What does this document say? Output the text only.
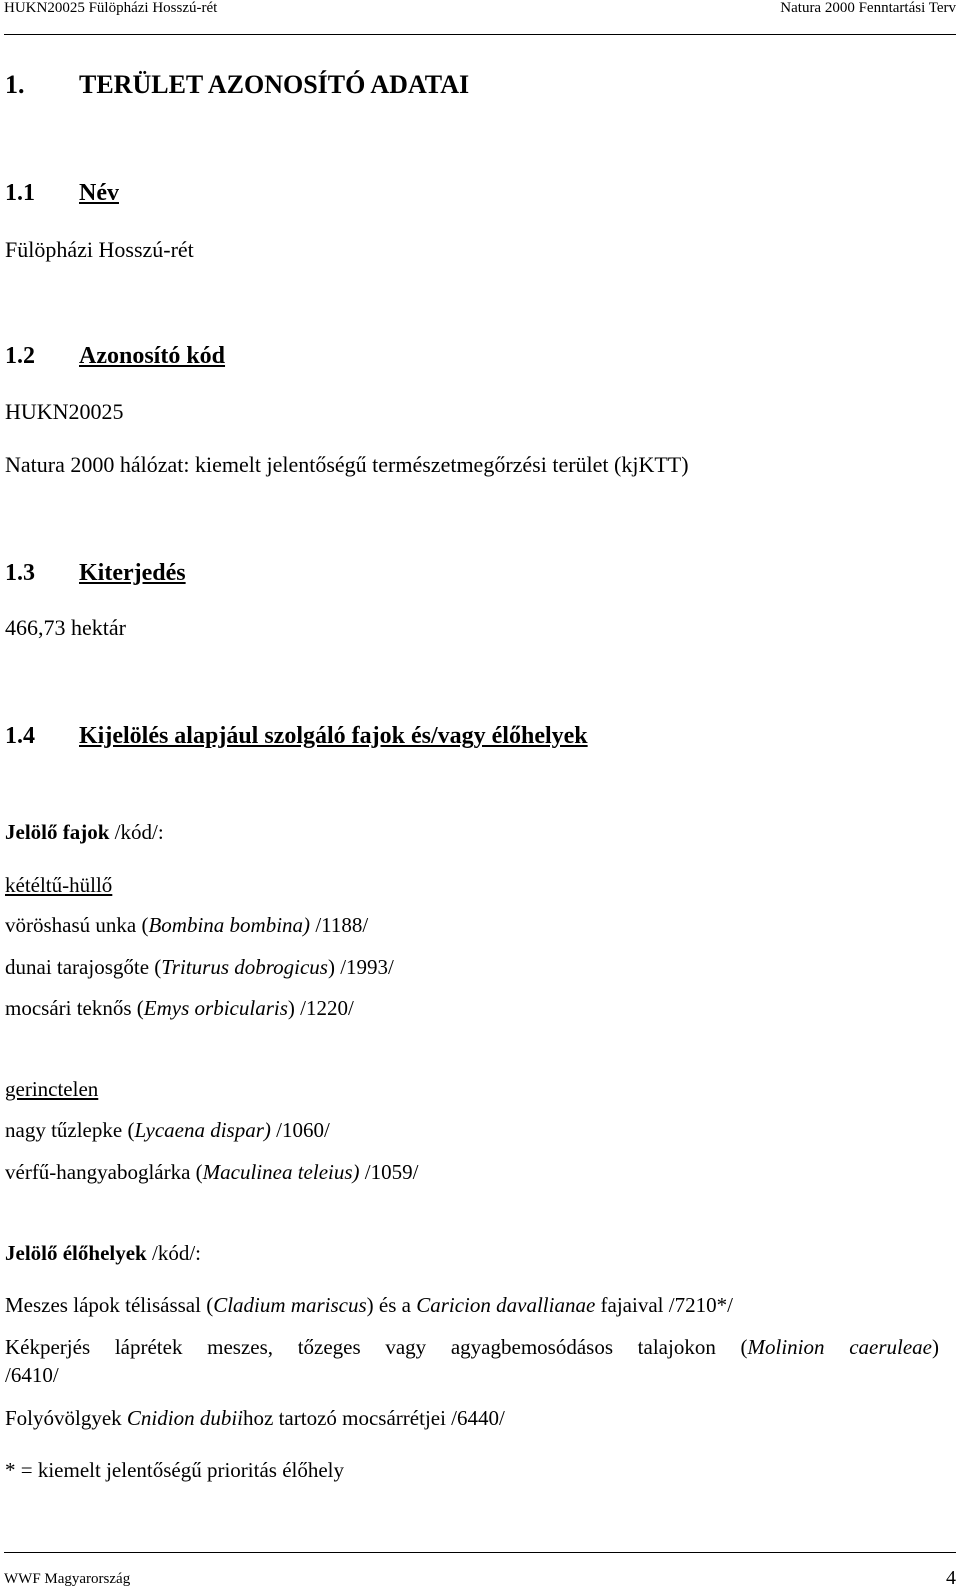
HUKN20025 Fülöpházi Hosszú-rét	Natura 2000 Fenntartási Terv
1. TERÜLET AZONOSÍTÓ ADATAI
1.1 Név
Fülöpházi Hosszú-rét
1.2 Azonosító kód
HUKN20025
Natura 2000 hálózat: kiemelt jelentőségű természetmegőrzési terület (kjKTT)
1.3 Kiterjedés
466,73 hektár
1.4 Kijelölés alapjául szolgáló fajok és/vagy élőhelyek
Jelölő fajok /kód/:
kétéltű-hüllő
vöröshasú unka (Bombina bombina) /1188/
dunai tarajosgőte (Triturus dobrogicus) /1993/
mocsári teknős (Emys orbicularis) /1220/
gerinctelen
nagy tűzlepke (Lycaena dispar) /1060/
vérfű-hangyaboglárka (Maculinea teleius) /1059/
Jelölő élőhelyek /kód/:
Meszes lápok télisással (Cladium mariscus) és a Caricion davallianae fajaival /7210*/
Kékperjés láprétek meszes, tőzeges vagy agyagbemosódásos talajokon (Molinion caeruleae)
/6410/
Folyóvölgyek Cnidion dubiihoz tartozó mocsárrétjei /6440/
* = kiemelt jelentőségű prioritás élőhely
WWF Magyarország	4
